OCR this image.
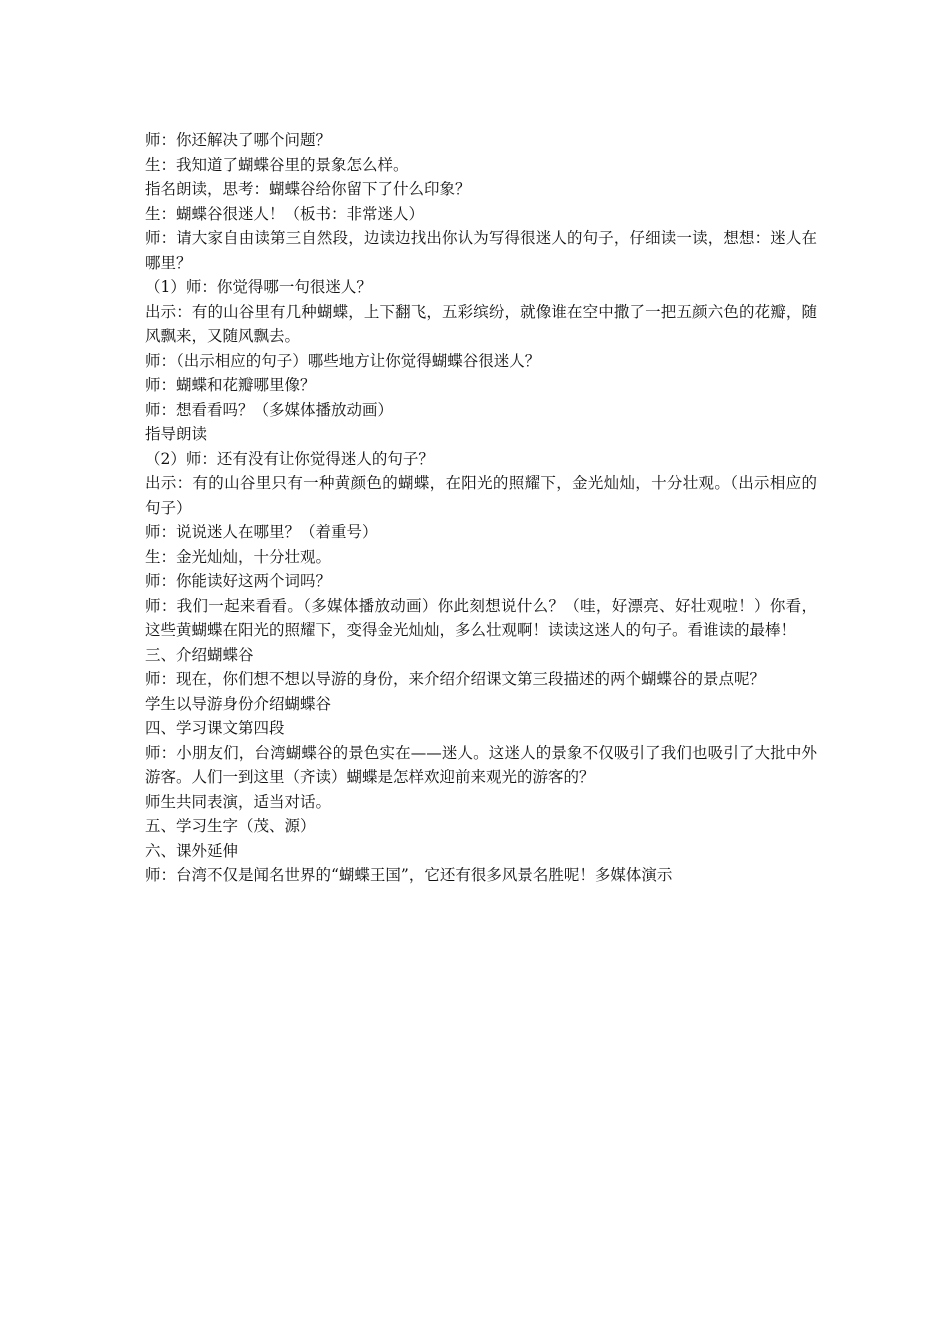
师：你还解决了哪个问题？

生：我知道了蝴蝶谷里的景象怎么样。

指名朗读，思考：蝴蝶谷给你留下了什么印象？

生：蝴蝶谷很迷人！（板书：非常迷人）

师：请大家自由读第三自然段，边读边找出你认为写得很迷人的句子，仔细读一读，想想：迷人在哪里？

（1）师：你觉得哪一句很迷人？

出示：有的山谷里有几种蝴蝶，上下翻飞，五彩缤纷，就像谁在空中撒了一把五颜六色的花瓣，随风飘来，又随风飘去。

师：（出示相应的句子）哪些地方让你觉得蝴蝶谷很迷人？

师：蝴蝶和花瓣哪里像？

师：想看看吗？（多媒体播放动画）

指导朗读

（2）师：还有没有让你觉得迷人的句子？

出示：有的山谷里只有一种黄颜色的蝴蝶，在阳光的照耀下，金光灿灿，十分壮观。（出示相应的句子）

师：说说迷人在哪里？（着重号）

生：金光灿灿，十分壮观。

师：你能读好这两个词吗？

师：我们一起来看看。（多媒体播放动画）你此刻想说什么？（哇，好漂亮、好壮观啦！）你看，这些黄蝴蝶在阳光的照耀下，变得金光灿灿，多么壮观啊！读读这迷人的句子。看谁读的最棒！

三、介绍蝴蝶谷

师：现在，你们想不想以导游的身份，来介绍介绍课文第三段描述的两个蝴蝶谷的景点呢？

学生以导游身份介绍蝴蝶谷

四、学习课文第四段

师：小朋友们，台湾蝴蝶谷的景色实在——迷人。这迷人的景象不仅吸引了我们也吸引了大批中外游客。人们一到这里（齐读）蝴蝶是怎样欢迎前来观光的游客的？

师生共同表演，适当对话。

五、学习生字（茂、源）

六、课外延伸

师：台湾不仅是闻名世界的“蝴蝶王国”，它还有很多风景名胜呢！多媒体演示
